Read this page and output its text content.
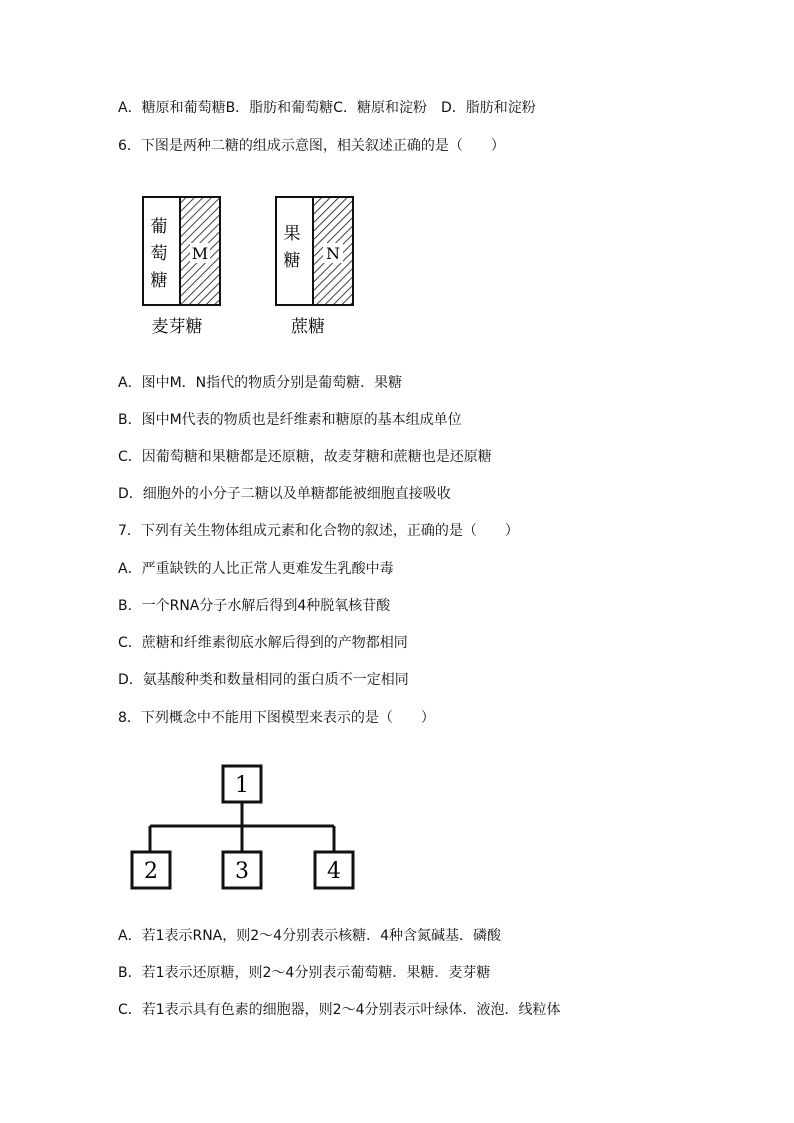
A．糖原和葡萄糖B．脂肪和葡萄糖C．糖原和淀粉　D．脂肪和淀粉
6．下图是两种二糖的组成示意图，相关叙述正确的是（　　）
葡
萄
糖
M
麦芽糖
果
糖 N
蔗糖
A．图中M．N指代的物质分别是葡萄糖．果糖
B．图中M代表的物质也是纤维素和糖原的基本组成单位
C．因葡萄糖和果糖都是还原糖，故麦芽糖和蔗糖也是还原糖
D．细胞外的小分子二糖以及单糖都能被细胞直接吸收
7．下列有关生物体组成元素和化合物的叙述，正确的是（　　）
A．严重缺铁的人比正常人更难发生乳酸中毒
B．一个RNA分子水解后得到4种脱氧核苷酸
C．蔗糖和纤维素彻底水解后得到的产物都相同
D．氨基酸种类和数量相同的蛋白质不一定相同
8．下列概念中不能用下图模型来表示的是（　　）
1
2	3	4
A．若1表示RNA，则2～4分别表示核糖．4种含氮碱基．磷酸
B．若1表示还原糖，则2～4分别表示葡萄糖．果糖．麦芽糖
C．若1表示具有色素的细胞器，则2～4分别表示叶绿体．液泡．线粒体
